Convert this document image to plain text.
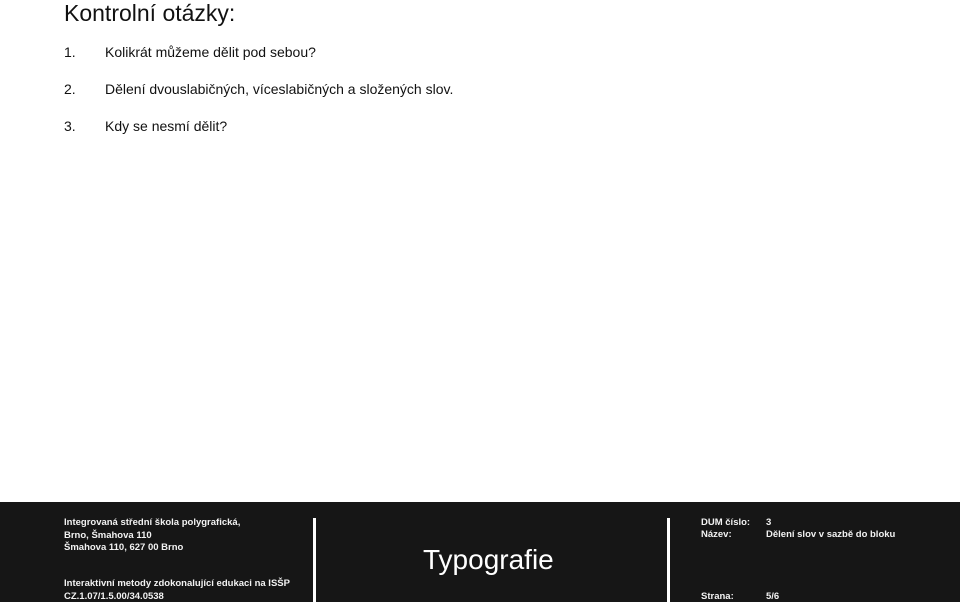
Kontrolní otázky:
1.	Kolikrát můžeme dělit pod sebou?
2.	Dělení dvouslabičných, víceslabičných a složených slov.
3.	Kdy se nesmí dělit?
Integrovaná střední škola polygrafická,
Brno, Šmahova 110
Šmahova 110, 627 00 Brno
Interaktivní metody zdokonalující edukaci na ISŠP
CZ.1.07/1.5.00/34.0538
Typografie
DUM číslo: 3
Název:	Dělení slov v sazbě do bloku
Strana:	5/6
